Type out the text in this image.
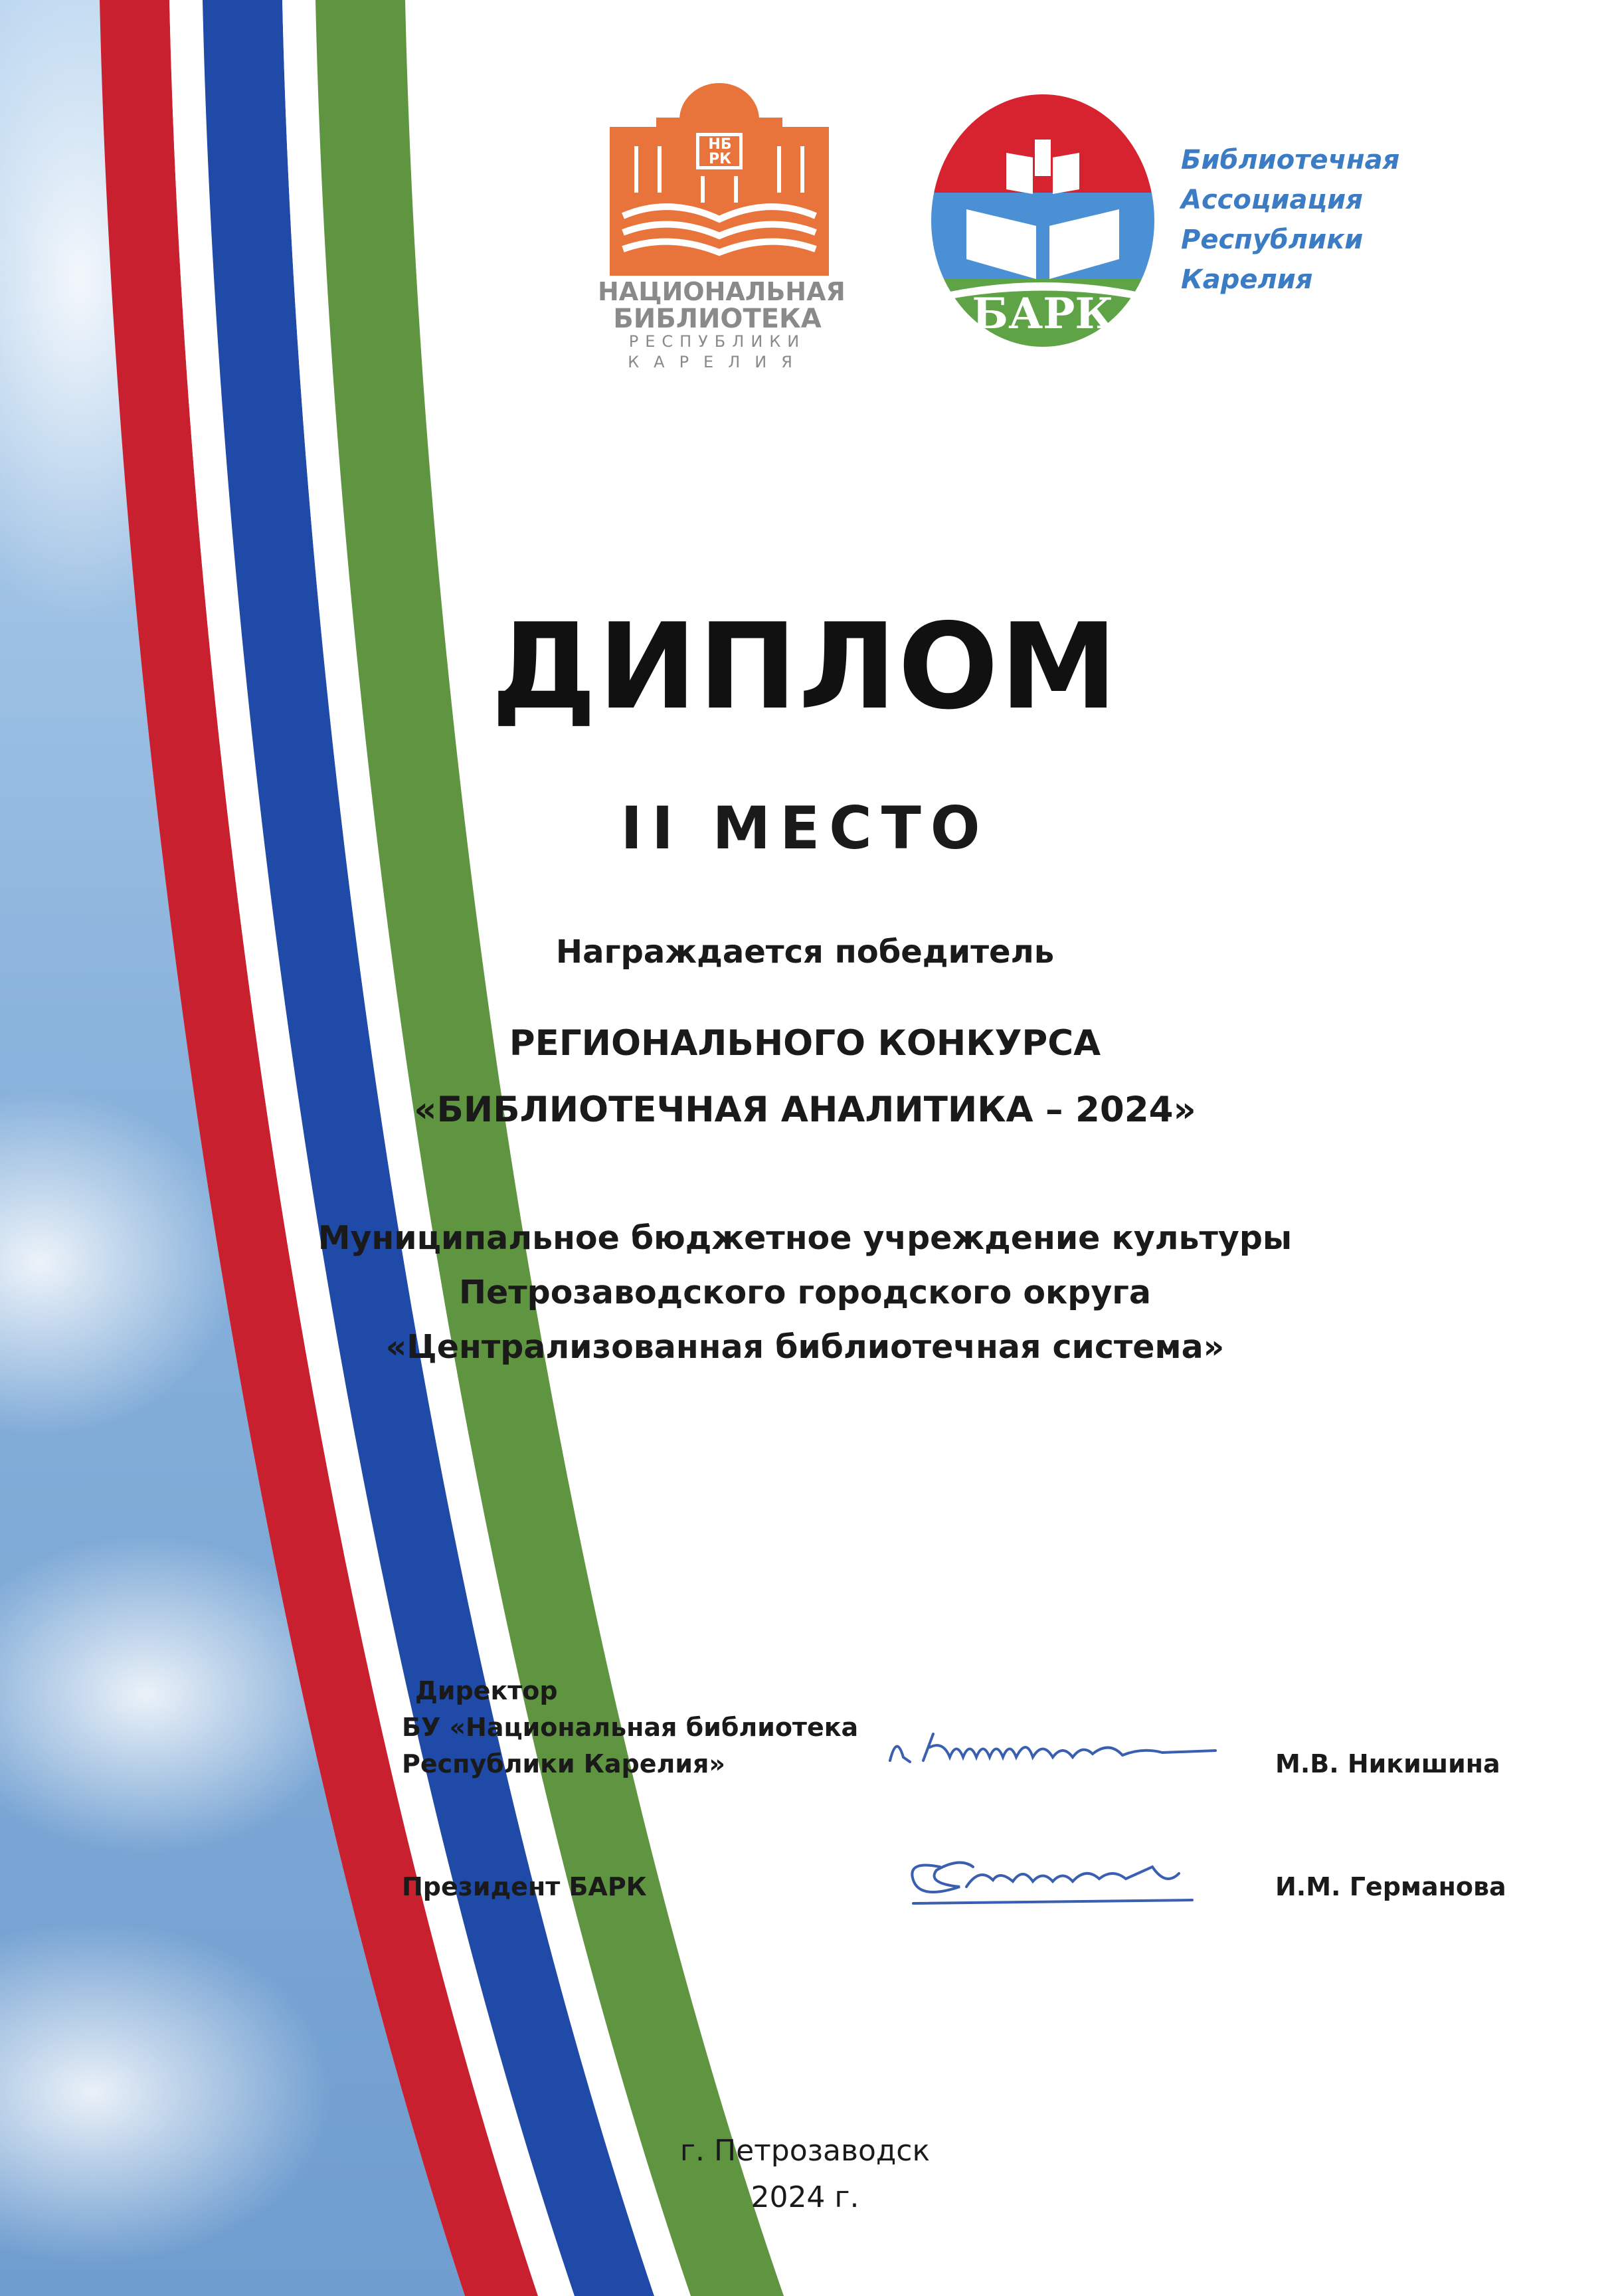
НБ
РК
НАЦИОНАЛЬНАЯ
БИБЛИОТЕКА
РЕСПУБЛИКИ
КАРЕЛИЯ
БАРК
Библиотечная
Ассоциация
Республики
Карелия
ДИПЛОМ
II МЕСТО
Награждается победитель
РЕГИОНАЛЬНОГО КОНКУРСА
«БИБЛИОТЕЧНАЯ АНАЛИТИКА – 2024»
Муниципальное бюджетное учреждение культуры
Петрозаводского городского округа
«Централизованная библиотечная система»
Директор
БУ «Национальная библиотека
Республики Карелия»	М.В. Никишина
Президент БАРК	И.М. Германова
г. Петрозаводск
2024 г.
